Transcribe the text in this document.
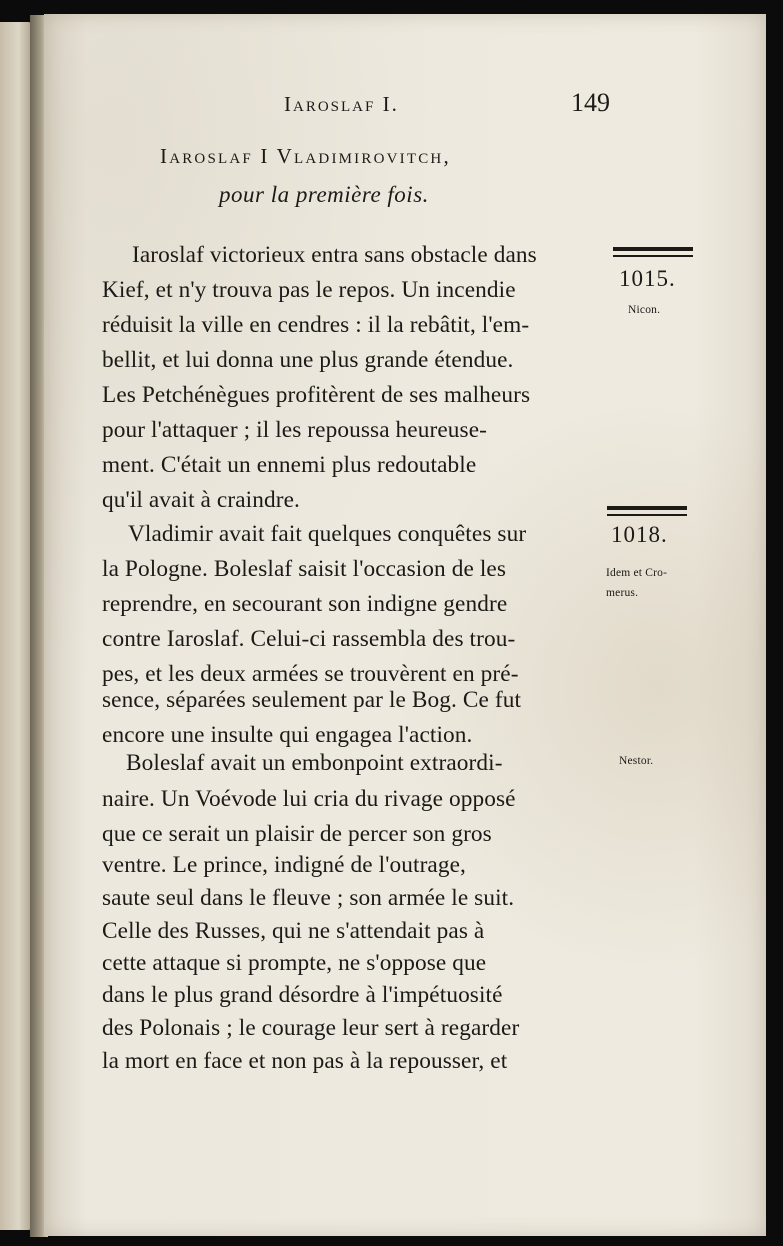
Iaroslaf I.	149
Iaroslaf I Vladimirovitch,
pour la première fois.
1015.
Nicon.
1018.
Idem et Cro-
merus.
Nestor.
Iaroslaf victorieux entra sans obstacle dans
Kief, et n'y trouva pas le repos. Un incendie
réduisit la ville en cendres : il la rebâtit, l'em-
bellit, et lui donna une plus grande étendue.
Les Petchénègues profitèrent de ses malheurs
pour l'attaquer ; il les repoussa heureuse-
ment. C'était un ennemi plus redoutable
qu'il avait à craindre.
Vladimir avait fait quelques conquêtes sur
la Pologne. Boleslaf saisit l'occasion de les
reprendre, en secourant son indigne gendre
contre Iaroslaf. Celui-ci rassembla des trou-
pes, et les deux armées se trouvèrent en pré-
sence, séparées seulement par le Bog. Ce fut
encore une insulte qui engagea l'action.
Boleslaf avait un embonpoint extraordi-
naire. Un Voévode lui cria du rivage opposé
que ce serait un plaisir de percer son gros
ventre. Le prince, indigné de l'outrage,
saute seul dans le fleuve ; son armée le suit.
Celle des Russes, qui ne s'attendait pas à
cette attaque si prompte, ne s'oppose que
dans le plus grand désordre à l'impétuosité
des Polonais ; le courage leur sert à regarder
la mort en face et non pas à la repousser, et
